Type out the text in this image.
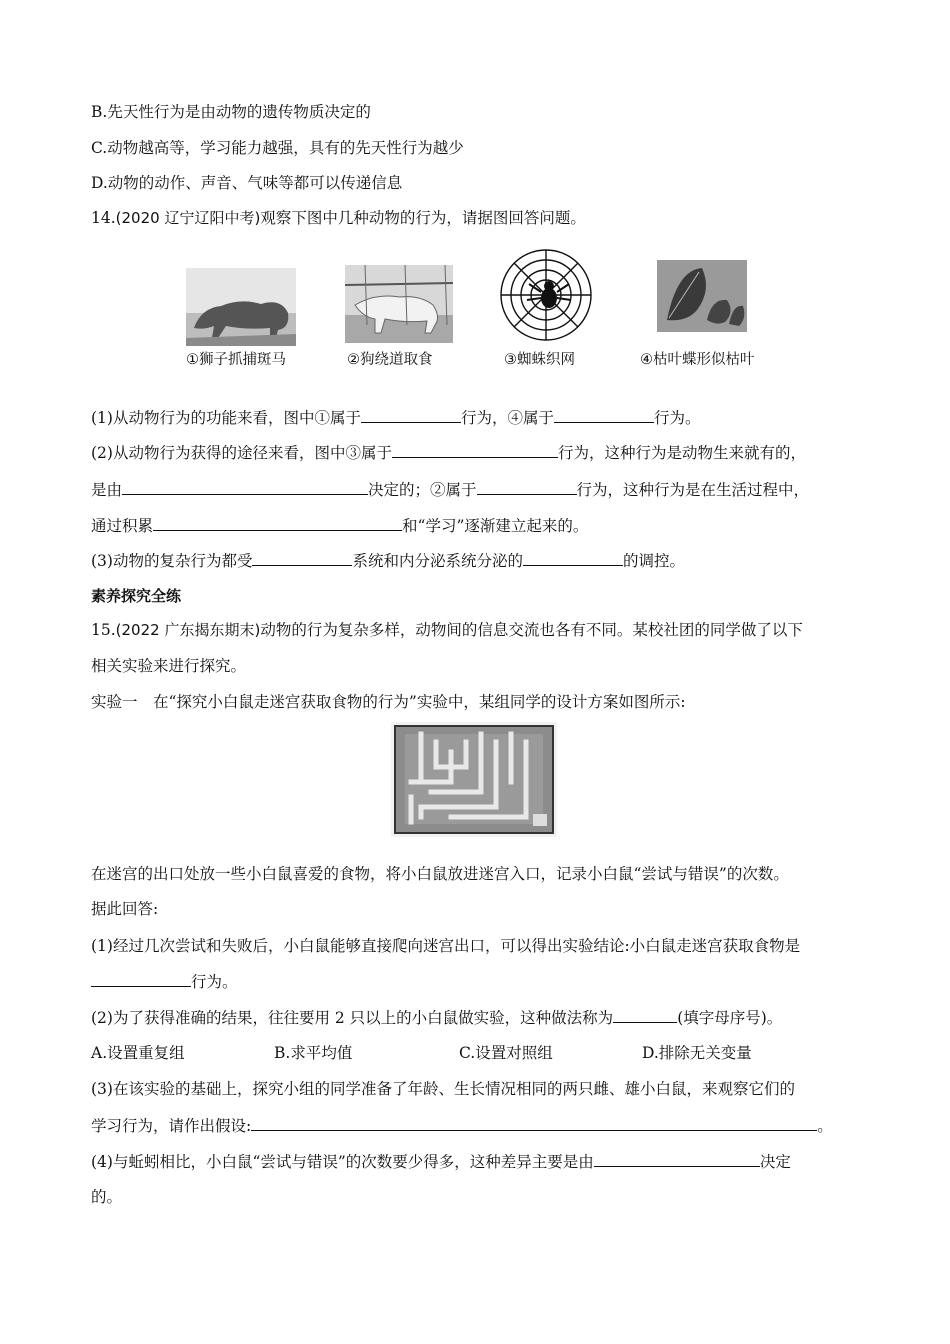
B.先天性行为是由动物的遗传物质决定的
C.动物越高等，学习能力越强，具有的先天性行为越少
D.动物的动作、声音、气味等都可以传递信息
14.(2020 辽宁辽阳中考)观察下图中几种动物的行为，请据图回答问题。
①狮子抓捕斑马	②狗绕道取食	③蜘蛛织网	④枯叶蝶形似枯叶
(1)从动物行为的功能来看，图中①属于	行为，④属于	行为。
(2)从动物行为获得的途径来看，图中③属于	行为，这种行为是动物生来就有的，
是由	决定的；②属于	行为，这种行为是在生活过程中，
通过积累	和“学习”逐渐建立起来的。
(3)动物的复杂行为都受	系统和内分泌系统分泌的	的调控。
素养探究全练
15.(2022 广东揭东期末)动物的行为复杂多样，动物间的信息交流也各有不同。某校社团的同学做了以下
相关实验来进行探究。
实验一　在“探究小白鼠走迷宫获取食物的行为”实验中，某组同学的设计方案如图所示:
在迷宫的出口处放一些小白鼠喜爱的食物，将小白鼠放进迷宫入口，记录小白鼠“尝试与错误”的次数。
据此回答:
(1)经过几次尝试和失败后，小白鼠能够直接爬向迷宫出口，可以得出实验结论:小白鼠走迷宫获取食物是
行为。
(2)为了获得准确的结果，往往要用 2 只以上的小白鼠做实验，这种做法称为	(填字母序号)。
A.设置重复组	B.求平均值	C.设置对照组	D.排除无关变量
(3)在该实验的基础上，探究小组的同学准备了年龄、生长情况相同的两只雌、雄小白鼠，来观察它们的
学习行为，请作出假设:	。
(4)与蚯蚓相比，小白鼠“尝试与错误”的次数要少得多，这种差异主要是由	决定
的。
